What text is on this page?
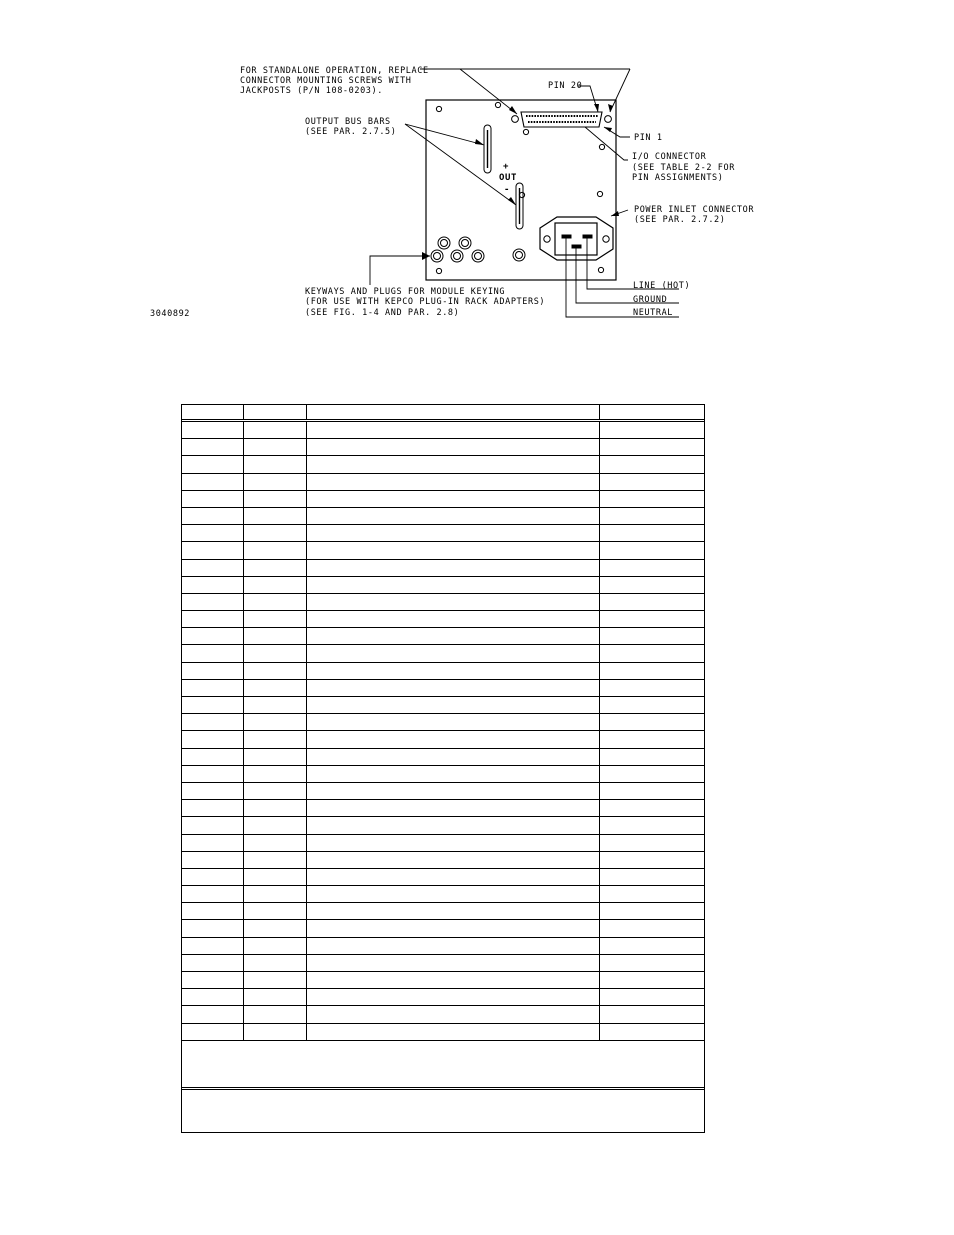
+
OUT
-
FOR STANDALONE OPERATION, REPLACE
CONNECTOR MOUNTING SCREWS WITH
JACKPOSTS (P/N 108-0203).	PIN 20
PIN 1
OUTPUT BUS BARS
(SEE PAR. 2.7.5)
I/O CONNECTOR
(SEE TABLE 2-2 FOR
PIN ASSIGNMENTS)
POWER INLET CONNECTOR
(SEE PAR. 2.7.2)
KEYWAYS AND PLUGS FOR MODULE KEYING
(FOR USE WITH KEPCO PLUG-IN RACK ADAPTERS)
(SEE FIG. 1-4 AND PAR. 2.8)
LINE (HOT)
GROUND
NEUTRAL
3040892
